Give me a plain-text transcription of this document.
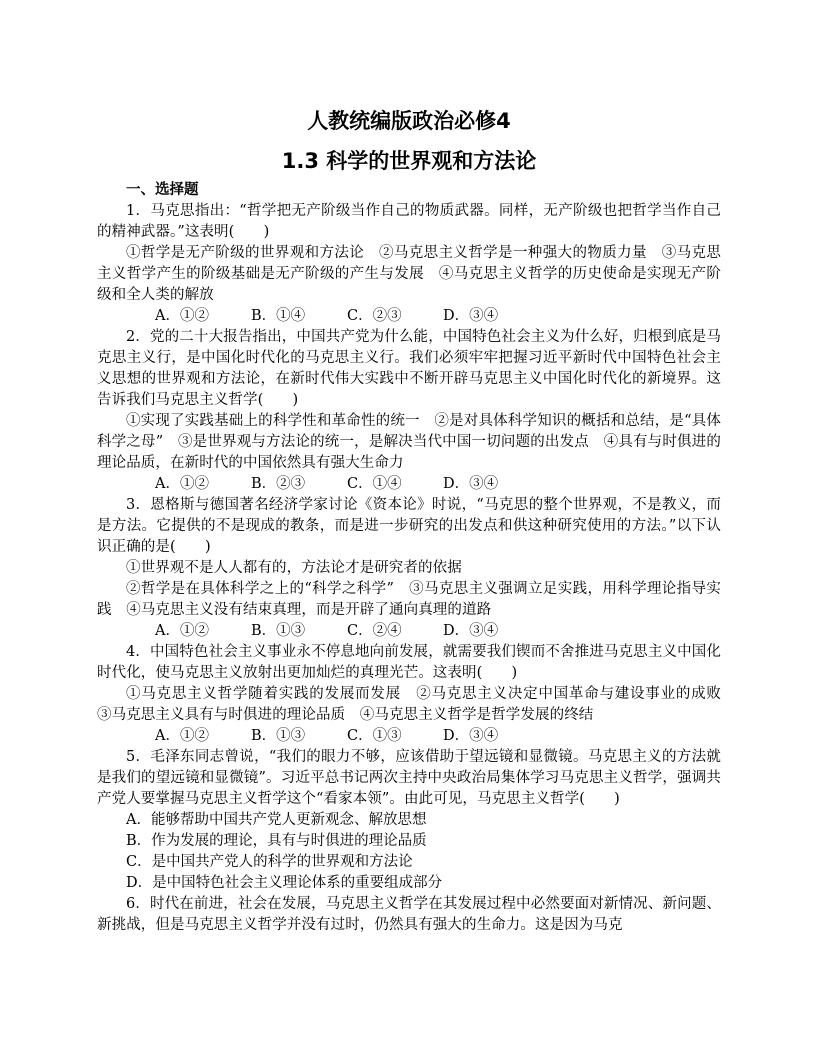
人教统编版政治必修4
1.3 科学的世界观和方法论
一、选择题

1．马克思指出：“哲学把无产阶级当作自己的物质武器。同样，无产阶级也把哲学当作自己的精神武器。”这表明(　　)

①哲学是无产阶级的世界观和方法论　②马克思主义哲学是一种强大的物质力量　③马克思主义哲学产生的阶级基础是无产阶级的产生与发展　④马克思主义哲学的历史使命是实现无产阶级和全人类的解放

A．①②	B．①④	C．②③	D．③④

2．党的二十大报告指出，中国共产党为什么能，中国特色社会主义为什么好，归根到底是马克思主义行，是中国化时代化的马克思主义行。我们必须牢牢把握习近平新时代中国特色社会主义思想的世界观和方法论，在新时代伟大实践中不断开辟马克思主义中国化时代化的新境界。这告诉我们马克思主义哲学(　　)

①实现了实践基础上的科学性和革命性的统一　②是对具体科学知识的概括和总结，是“具体科学之母”　③是世界观与方法论的统一，是解决当代中国一切问题的出发点　④具有与时俱进的理论品质，在新时代的中国依然具有强大生命力

A．①②	B．②③	C．①④	D．③④

3．恩格斯与德国著名经济学家讨论《资本论》时说，“马克思的整个世界观，不是教义，而是方法。它提供的不是现成的教条，而是进一步研究的出发点和供这种研究使用的方法。”以下认识正确的是(　　)

①世界观不是人人都有的，方法论才是研究者的依据

②哲学是在具体科学之上的“科学之科学”　③马克思主义强调立足实践，用科学理论指导实践　④马克思主义没有结束真理，而是开辟了通向真理的道路

A．①②	B．①③	C．②④	D．③④

4．中国特色社会主义事业永不停息地向前发展，就需要我们锲而不舍推进马克思主义中国化时代化，使马克思主义放射出更加灿烂的真理光芒。这表明(　　)

①马克思主义哲学随着实践的发展而发展　②马克思主义决定中国革命与建设事业的成败　③马克思主义具有与时俱进的理论品质　④马克思主义哲学是哲学发展的终结

A．①②	B．①③	C．①③	D．③④

5．毛泽东同志曾说，“我们的眼力不够，应该借助于望远镜和显微镜。马克思主义的方法就是我们的望远镜和显微镜”。习近平总书记两次主持中央政治局集体学习马克思主义哲学，强调共产党人要掌握马克思主义哲学这个“看家本领”。由此可见，马克思主义哲学(　　)

A．能够帮助中国共产党人更新观念、解放思想

B．作为发展的理论，具有与时俱进的理论品质

C．是中国共产党人的科学的世界观和方法论

D．是中国特色社会主义理论体系的重要组成部分

6．时代在前进，社会在发展，马克思主义哲学在其发展过程中必然要面对新情况、新问题、新挑战，但是马克思主义哲学并没有过时，仍然具有强大的生命力。这是因为马克
